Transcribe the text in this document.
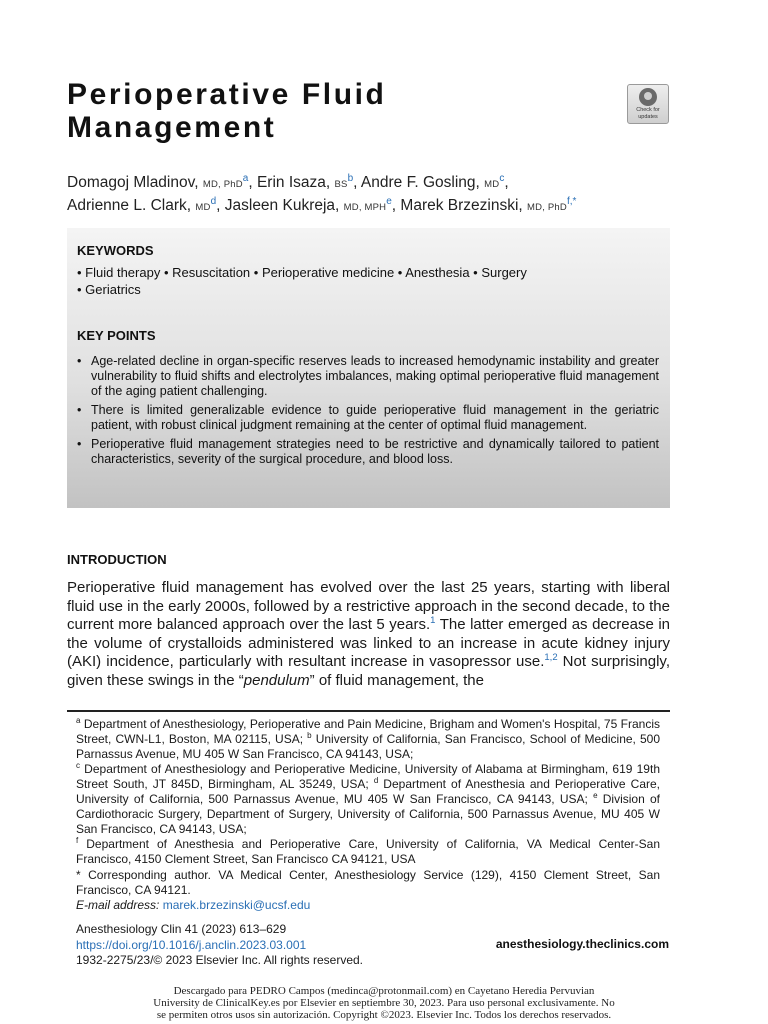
Perioperative Fluid
Management
Check for
updates
Domagoj Mladinov, MD, PhD$^a$, Erin Isaza, $BS^b$, Andre F. Gosling, $MD^c$,
Adrienne L. Clark, $MD^d$, Jasleen Kukreja, MD, MPH$^e$, Marek Brzezinski, MD, PhD$^{f,*}$
KEYWORDS
• Fluid therapy • Resuscitation • Perioperative medicine • Anesthesia • Surgery
• Geriatrics
KEY POINTS
• Age-related decline in organ-specific reserves leads to increased hemodynamic instability and greater vulnerability to fluid shifts and electrolytes imbalances, making optimal perioperative fluid management of the aging patient challenging.
• There is limited generalizable evidence to guide perioperative fluid management in the geriatric patient, with robust clinical judgment remaining at the center of optimal fluid management.
• Perioperative fluid management strategies need to be restrictive and dynamically tailored to patient characteristics, severity of the surgical procedure, and blood loss.
INTRODUCTION

Perioperative fluid management has evolved over the last 25 years, starting with liberal fluid use in the early 2000s, followed by a restrictive approach in the second decade, to the current more balanced approach over the last 5 years.$^1$ The latter emerged as decrease in the volume of crystalloids administered was linked to an increase in acute kidney injury (AKI) incidence, particularly with resultant increase in vasopressor use.$^{1,2}$ Not surprisingly, given these swings in the “pendulum” of fluid management, the

$^a$ Department of Anesthesiology, Perioperative and Pain Medicine, Brigham and Women's Hospital, 75 Francis Street, CWN-L1, Boston, MA 02115, USA; $^b$ University of California, San Francisco, School of Medicine, 500 Parnassus Avenue, MU 405 W San Francisco, CA 94143, USA;
$^c$ Department of Anesthesiology and Perioperative Medicine, University of Alabama at Birmingham, 619 19th Street South, JT 845D, Birmingham, AL 35249, USA; $^d$ Department of Anesthesia and Perioperative Care, University of California, 500 Parnassus Avenue, MU 405 W San Francisco, CA 94143, USA; $^e$ Division of Cardiothoracic Surgery, Department of Surgery, University of California, 500 Parnassus Avenue, MU 405 W San Francisco, CA 94143, USA;
$^f$ Department of Anesthesia and Perioperative Care, University of California, VA Medical Center-San Francisco, 4150 Clement Street, San Francisco CA 94121, USA

* Corresponding author. VA Medical Center, Anesthesiology Service (129), 4150 Clement Street, San Francisco, CA 94121.

E-mail address: marek.brzezinski@ucsf.edu
Anesthesiology Clin 41 (2023) 613–629
https://doi.org/10.1016/j.anclin.2023.03.001
1932-2275/23/© 2023 Elsevier Inc. All rights reserved.
anesthesiology.theclinics.com
Descargado para PEDRO Campos (medinca@protonmail.com) en Cayetano Heredia Pervuvian
University de ClinicalKey.es por Elsevier en septiembre 30, 2023. Para uso personal exclusivamente. No
se permiten otros usos sin autorización. Copyright ©2023. Elsevier Inc. Todos los derechos reservados.
